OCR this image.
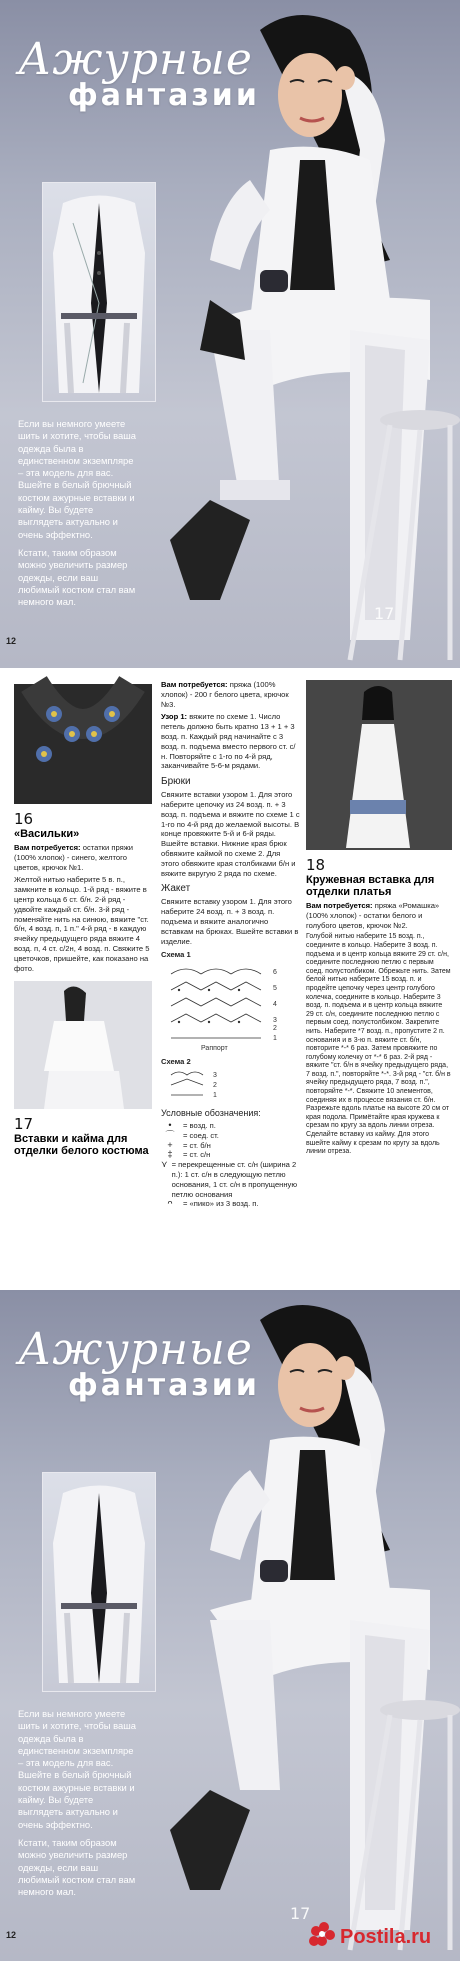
Ажурные
фантазии

Если вы немного умеете шить и хотите, чтобы ваша одежда была в единственном экземпляре – эта модель для вас. Вшейте в белый брючный костюм ажурные вставки и кайму. Вы будете выглядеть актуально и очень эффектно.

Кстати, таким образом можно увеличить размер одежды, если ваш любимый костюм стал вам немного мал.

17
12
16
«Васильки»
Вам потребуется: остатки пряжи (100% хлопок) - синего, желтого цветов, крючок №1.
Желтой нитью наберите 5 в. п., замкните в кольцо. 1-й ряд - вяжите в центр кольца 6 ст. б/н. 2-й ряд - удвойте каждый ст. б/н. 3-й ряд - поменяйте нить на синюю, вяжите "ст. б/н, 4 возд. п, 1 п." 4-й ряд - в каждую ячейку предыдущего ряда вяжите 4 возд. п, 4 ст. с/2н, 4 возд. п. Свяжите 5 цветочков, пришейте, как показано на фото.
17
Вставки и кайма для отделки белого костюма
Вам потребуется: пряжа (100% хлопок) - 200 г белого цвета, крючок №3.
Узор 1: вяжите по схеме 1. Число петель должно быть кратно 13 + 1 + 3 возд. п. Каждый ряд начинайте с 3 возд. п. подъема вместо первого ст. с/н. Повторяйте с 1-го по 4-й ряд, заканчивайте 5-6-м рядами.
Брюки
Свяжите вставки узором 1. Для этого наберите цепочку из 24 возд. п. + 3 возд. п. подъема и вяжите по схеме 1 с 1-го по 4-й ряд до желаемой высоты. В конце провяжите 5-й и 6-й ряды. Вшейте вставки. Нижние края брюк обвяжите каймой по схеме 2. Для этого обвяжите края столбиками б/н и вяжите вкругую 2 ряда по схеме.
Жакет
Свяжите вставку узором 1. Для этого наберите 24 возд. п. + 3 возд. п. подъема и вяжите аналогично вставкам на брюках. Вшейте вставки в изделие.
Схема 1
6
5
4
3
2
1
Раппорт
Схема 2
3
2
1
Условные обозначения:
•	= возд. п.
⌒	= соед. ст.
+	= ст. б/н
‡	= ст. с/н
⋎ = перекрещенные ст. с/н (ширина 2 п.): 1 ст. с/н в следующую петлю основания, 1 ст. с/н в пропущенную петлю основания
ᴖ	= «пико» из 3 возд. п.
18
Кружевная вставка для отделки платья
Вам потребуется: пряжа «Ромашка» (100% хлопок) - остатки белого и голубого цветов, крючок №2.
Голубой нитью наберите 15 возд. п., соедините в кольцо. Наберите 3 возд. п. подъема и в центр кольца вяжите 29 ст. с/н, соедините последнюю петлю с первым соед. полустолбиком. Обрежьте нить. Затем белой нитью наберите 15 возд. п. и продейте цепочку через центр голубого колечка, соедините в кольцо. Наберите 3 возд. п. подъема и в центр кольца вяжите 29 ст. с/н, соедините последнюю петлю с первым соед. полустолбиком. Закрепите нить. Наберите *7 возд. п., пропустите 2 п. основания и в 3-ю п. вяжите ст. б/н, повторите *-* 6 раз. Затем провяжите по голубому колечку от *-* 6 раз. 2-й ряд - вяжите "ст. б/н в ячейку предыдущего ряда, 7 возд. п.", повторяйте *-*. 3-й ряд - "ст. б/н в ячейку предыдущего ряда, 7 возд. п.", повторяйте *-*. Свяжите 10 элементов, соединяя их в процессе вязания ст. б/н. Разрежьте вдоль платье на высоте 20 см от края подола. Примётайте края кружева к срезам по кругу за вдоль линии отреза. Сделайте вставку из кайму. Для этого вшейте кайму к срезам по кругу за вдоль линии отреза.
Ажурные
фантазии

Если вы немного умеете шить и хотите, чтобы ваша одежда была в единственном экземпляре – эта модель для вас. Вшейте в белый брючный костюм ажурные вставки и кайму. Вы будете выглядеть актуально и очень эффектно.

Кстати, таким образом можно увеличить размер одежды, если ваш любимый костюм стал вам немного мал.

17
12	Postila.ru
